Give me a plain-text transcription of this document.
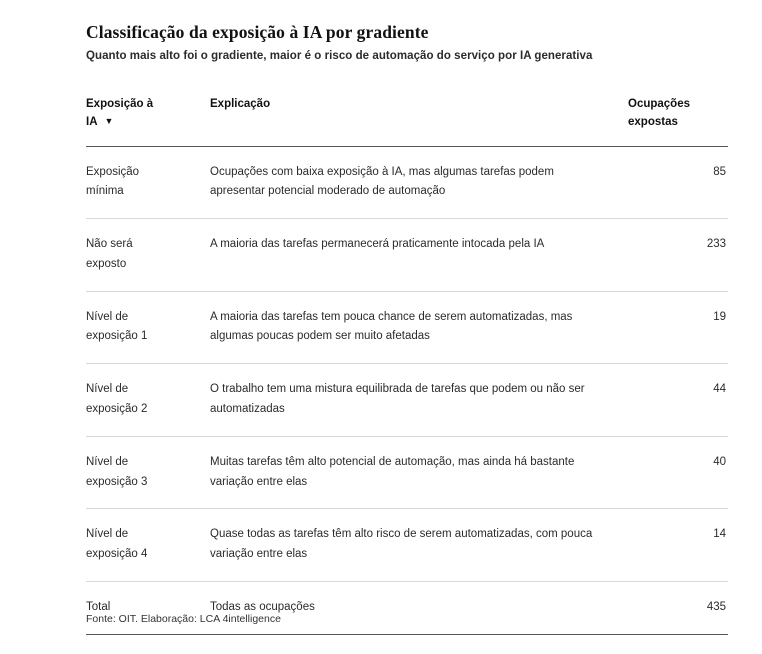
Classificação da exposição à IA por gradiente

Quanto mais alto foi o gradiente, maior é o risco de automação do serviço por IA generativa

Exposição à
IA ▼	Explicação	Ocupações
expostas

Exposição
mínima	Ocupações com baixa exposição à IA, mas algumas tarefas podem apresentar potencial moderado de automação	85
Não será
exposto	A maioria das tarefas permanecerá praticamente intocada pela IA	233
Nível de
exposição 1	A maioria das tarefas tem pouca chance de serem automatizadas, mas algumas poucas podem ser muito afetadas	19
Nível de
exposição 2	O trabalho tem uma mistura equilibrada de tarefas que podem ou não ser automatizadas	44
Nível de
exposição 3	Muitas tarefas têm alto potencial de automação, mas ainda há bastante variação entre elas	40
Nível de
exposição 4	Quase todas as tarefas têm alto risco de serem automatizadas, com pouca variação entre elas	14
Total	Todas as ocupações	435
Fonte: OIT. Elaboração: LCA 4intelligence
